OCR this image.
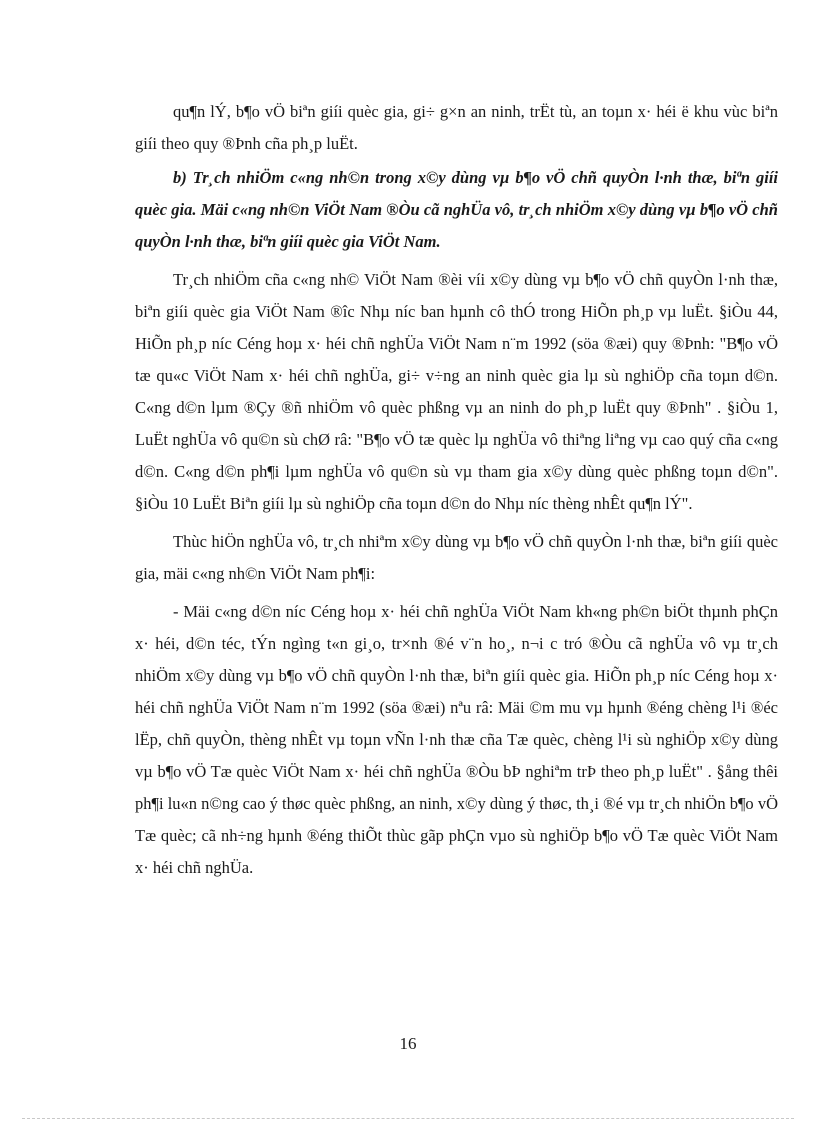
qu¶n lÝ, b¶o vÖ biªn giíi quèc gia, gi÷ g×n an ninh, trËt tù, an toµn x· héi ë khu vùc biªn giíi theo quy ®Þnh cña ph¸p luËt.

b) Tr¸ch nhiÖm c«ng nh©n trong x©y dùng vµ b¶o vÖ chñ quyÒn l·nh thæ, biªn giíi quèc gia. Mäi c«ng nh©n ViÖt Nam ®Òu cã nghÜa vô, tr¸ch nhiÖm x©y dùng vµ b¶o vÖ chñ quyÒn l·nh thæ, biªn giíi quèc gia ViÖt Nam.

Tr¸ch nhiÖm cña c«ng nh© ViÖt Nam ®èi víi x©y dùng vµ b¶o vÖ chñ quyÒn l·nh thæ, biªn giíi quèc gia ViÖt Nam ®îc Nhµ níc ban hµnh cô thÓ trong HiÕn ph¸p vµ luËt. §iÒu 44, HiÕn ph¸p níc Céng hoµ x· héi chñ nghÜa ViÖt Nam n¨m 1992 (söa ®æi) quy ®Þnh: "B¶o vÖ tæ qu«c ViÖt Nam x· héi chñ nghÜa, gi÷ v÷ng an ninh quèc gia lµ sù nghiÖp cña toµn d©n. C«ng d©n lµm ®Çy ®ñ nhiÖm vô quèc phßng vµ an ninh do ph¸p luËt quy ®Þnh" . §iÒu 1, LuËt nghÜa vô qu©n sù chØ râ: "B¶o vÖ tæ quèc lµ nghÜa vô thiªng liªng vµ cao quý cña c«ng d©n. C«ng d©n ph¶i lµm nghÜa vô qu©n sù vµ tham gia x©y dùng quèc phßng toµn d©n". §iÒu 10 LuËt Biªn giíi lµ sù nghiÖp cña toµn d©n do Nhµ níc thèng nhÊt qu¶n lÝ".

Thùc hiÖn nghÜa vô, tr¸ch nhiªm x©y dùng vµ b¶o vÖ chñ quyÒn l·nh thæ, biªn giíi quèc gia, mäi c«ng nh©n ViÖt Nam ph¶i:

- Mäi c«ng d©n níc Céng hoµ x· héi chñ nghÜa ViÖt Nam kh«ng ph©n biÖt thµnh phÇn x· héi, d©n téc, tÝn ngìng t«n gi¸o, tr×nh ®é v¨n ho¸, n¬i c tró ®Òu cã nghÜa vô vµ tr¸ch nhiÖm x©y dùng vµ b¶o vÖ chñ quyÒn l·nh thæ, biªn giíi quèc gia. HiÕn ph¸p níc Céng hoµ x· héi chñ nghÜa ViÖt Nam n¨m 1992 (söa ®æi) nªu râ: Mäi ©m mu vµ hµnh ®éng chèng l¹i ®éc lËp, chñ quyÒn, thèng nhÊt vµ toµn vÑn l·nh thæ cña Tæ quèc, chèng l¹i sù nghiÖp x©y dùng vµ b¶o vÖ Tæ quèc ViÖt Nam x· héi chñ nghÜa ®Òu bÞ nghiªm trÞ theo ph¸p luËt" . §ång thêi ph¶i lu«n n©ng cao ý thøc quèc phßng, an ninh, x©y dùng ý thøc, th¸i ®é vµ tr¸ch nhiÖn b¶o vÖ Tæ quèc; cã nh÷ng hµnh ®éng thiÕt thùc gãp phÇn vµo sù nghiÖp b¶o vÖ Tæ quèc ViÖt Nam x· héi chñ nghÜa.

16
